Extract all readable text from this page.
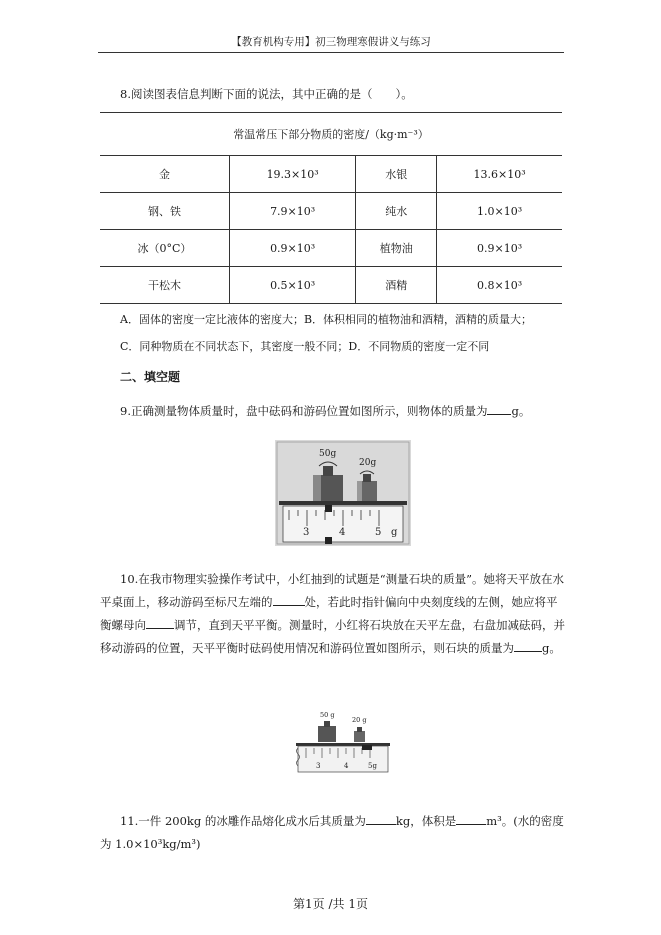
【教育机构专用】初三物理寒假讲义与练习
8.阅读图表信息判断下面的说法，其中正确的是（　　）。
常温常压下部分物质的密度/（kg·m⁻³）			
金	19.3×10³	水银	13.6×10³
钢、铁	7.9×10³	纯水	1.0×10³
冰（0°C）	0.9×10³	植物油	0.9×10³
干松木	0.5×10³	酒精	0.8×10³
A．固体的密度一定比液体的密度大；B．体积相同的植物油和酒精，酒精的质量大；
C．同种物质在不同状态下，其密度一般不同；D．不同物质的密度一定不同
二、填空题
9.正确测量物体质量时，盘中砝码和游码位置如图所示，则物体的质量为 g。
50g
20g
3	4	5 g
10.在我市物理实验操作考试中，小红抽到的试题是“测量石块的质量”。她将天平放在水平桌面上，移动游码至标尺左端的	处，若此时指针偏向中央刻度线的左侧，她应将平衡螺母向 调节，直到天平平衡。测量时，小红将石块放在天平左盘，右盘加减砝码，并移动游码的位置，天平平衡时砝码使用情况和游码位置如图所示，则石块的质量为 g。
50 g
20 g
3	4	5g
11.一件 200kg 的冰雕作品熔化成水后其质量为	kg，体积是	m³。(水的密度为 1.0×10³kg/m³)
第1页 /共 1页
